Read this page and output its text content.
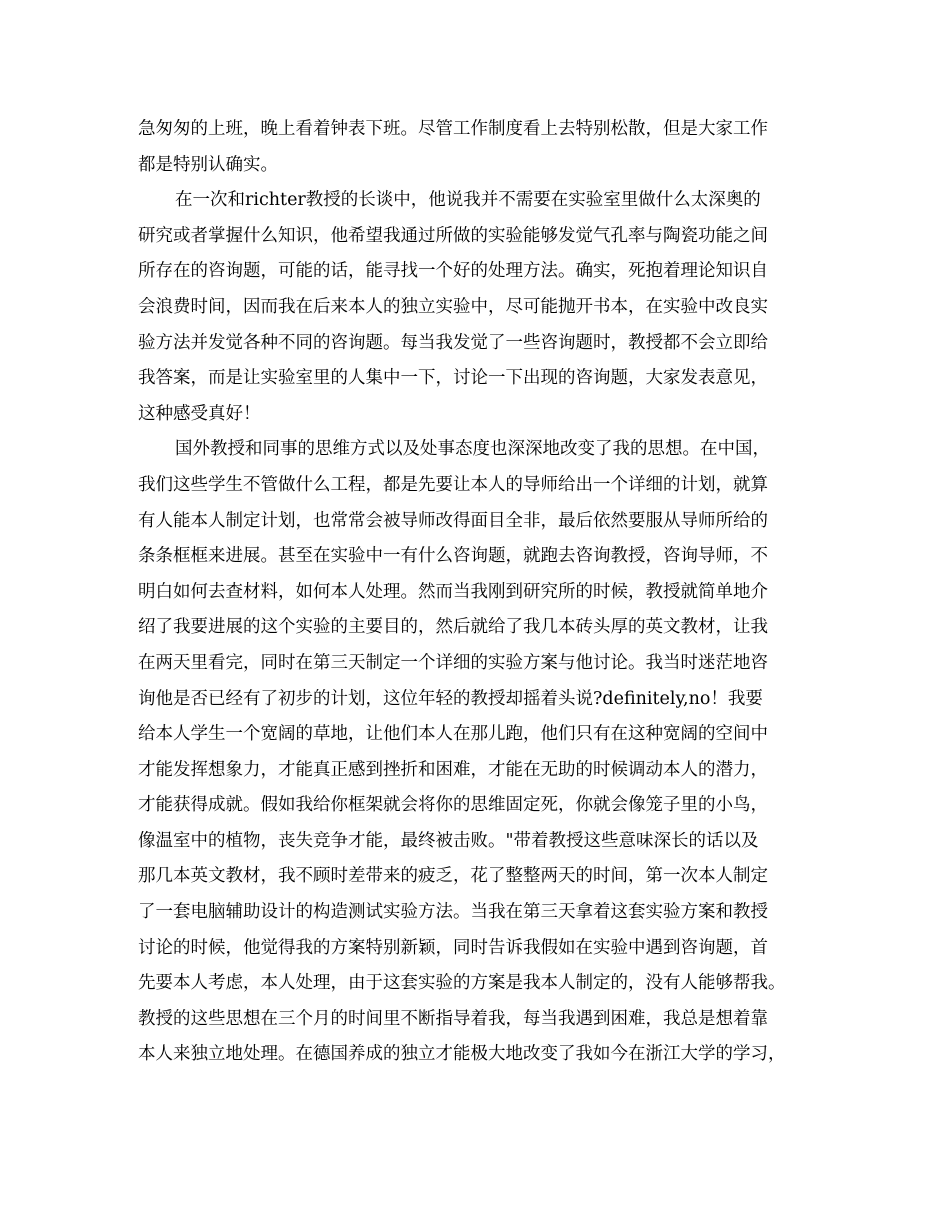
急匆匆的上班，晚上看着钟表下班。尽管工作制度看上去特别松散，但是大家工作
都是特别认确实。
在一次和richter教授的长谈中，他说我并不需要在实验室里做什么太深奥的
研究或者掌握什么知识，他希望我通过所做的实验能够发觉气孔率与陶瓷功能之间
所存在的咨询题，可能的话，能寻找一个好的处理方法。确实，死抱着理论知识自
会浪费时间，因而我在后来本人的独立实验中，尽可能抛开书本，在实验中改良实
验方法并发觉各种不同的咨询题。每当我发觉了一些咨询题时，教授都不会立即给
我答案，而是让实验室里的人集中一下，讨论一下出现的咨询题，大家发表意见，
这种感受真好！
国外教授和同事的思维方式以及处事态度也深深地改变了我的思想。在中国，
我们这些学生不管做什么工程，都是先要让本人的导师给出一个详细的计划，就算
有人能本人制定计划，也常常会被导师改得面目全非，最后依然要服从导师所给的
条条框框来进展。甚至在实验中一有什么咨询题，就跑去咨询教授，咨询导师，不
明白如何去查材料，如何本人处理。然而当我刚到研究所的时候，教授就简单地介
绍了我要进展的这个实验的主要目的，然后就给了我几本砖头厚的英文教材，让我
在两天里看完，同时在第三天制定一个详细的实验方案与他讨论。我当时迷茫地咨
询他是否已经有了初步的计划，这位年轻的教授却摇着头说?definitely,no！我要
给本人学生一个宽阔的草地，让他们本人在那儿跑，他们只有在这种宽阔的空间中
才能发挥想象力，才能真正感到挫折和困难，才能在无助的时候调动本人的潜力，
才能获得成就。假如我给你框架就会将你的思维固定死，你就会像笼子里的小鸟，
像温室中的植物，丧失竞争才能，最终被击败。"带着教授这些意味深长的话以及
那几本英文教材，我不顾时差带来的疲乏，花了整整两天的时间，第一次本人制定
了一套电脑辅助设计的构造测试实验方法。当我在第三天拿着这套实验方案和教授
讨论的时候，他觉得我的方案特别新颖，同时告诉我假如在实验中遇到咨询题，首
先要本人考虑，本人处理，由于这套实验的方案是我本人制定的，没有人能够帮我。
教授的这些思想在三个月的时间里不断指导着我，每当我遇到困难，我总是想着靠
本人来独立地处理。在德国养成的独立才能极大地改变了我如今在浙江大学的学习，
